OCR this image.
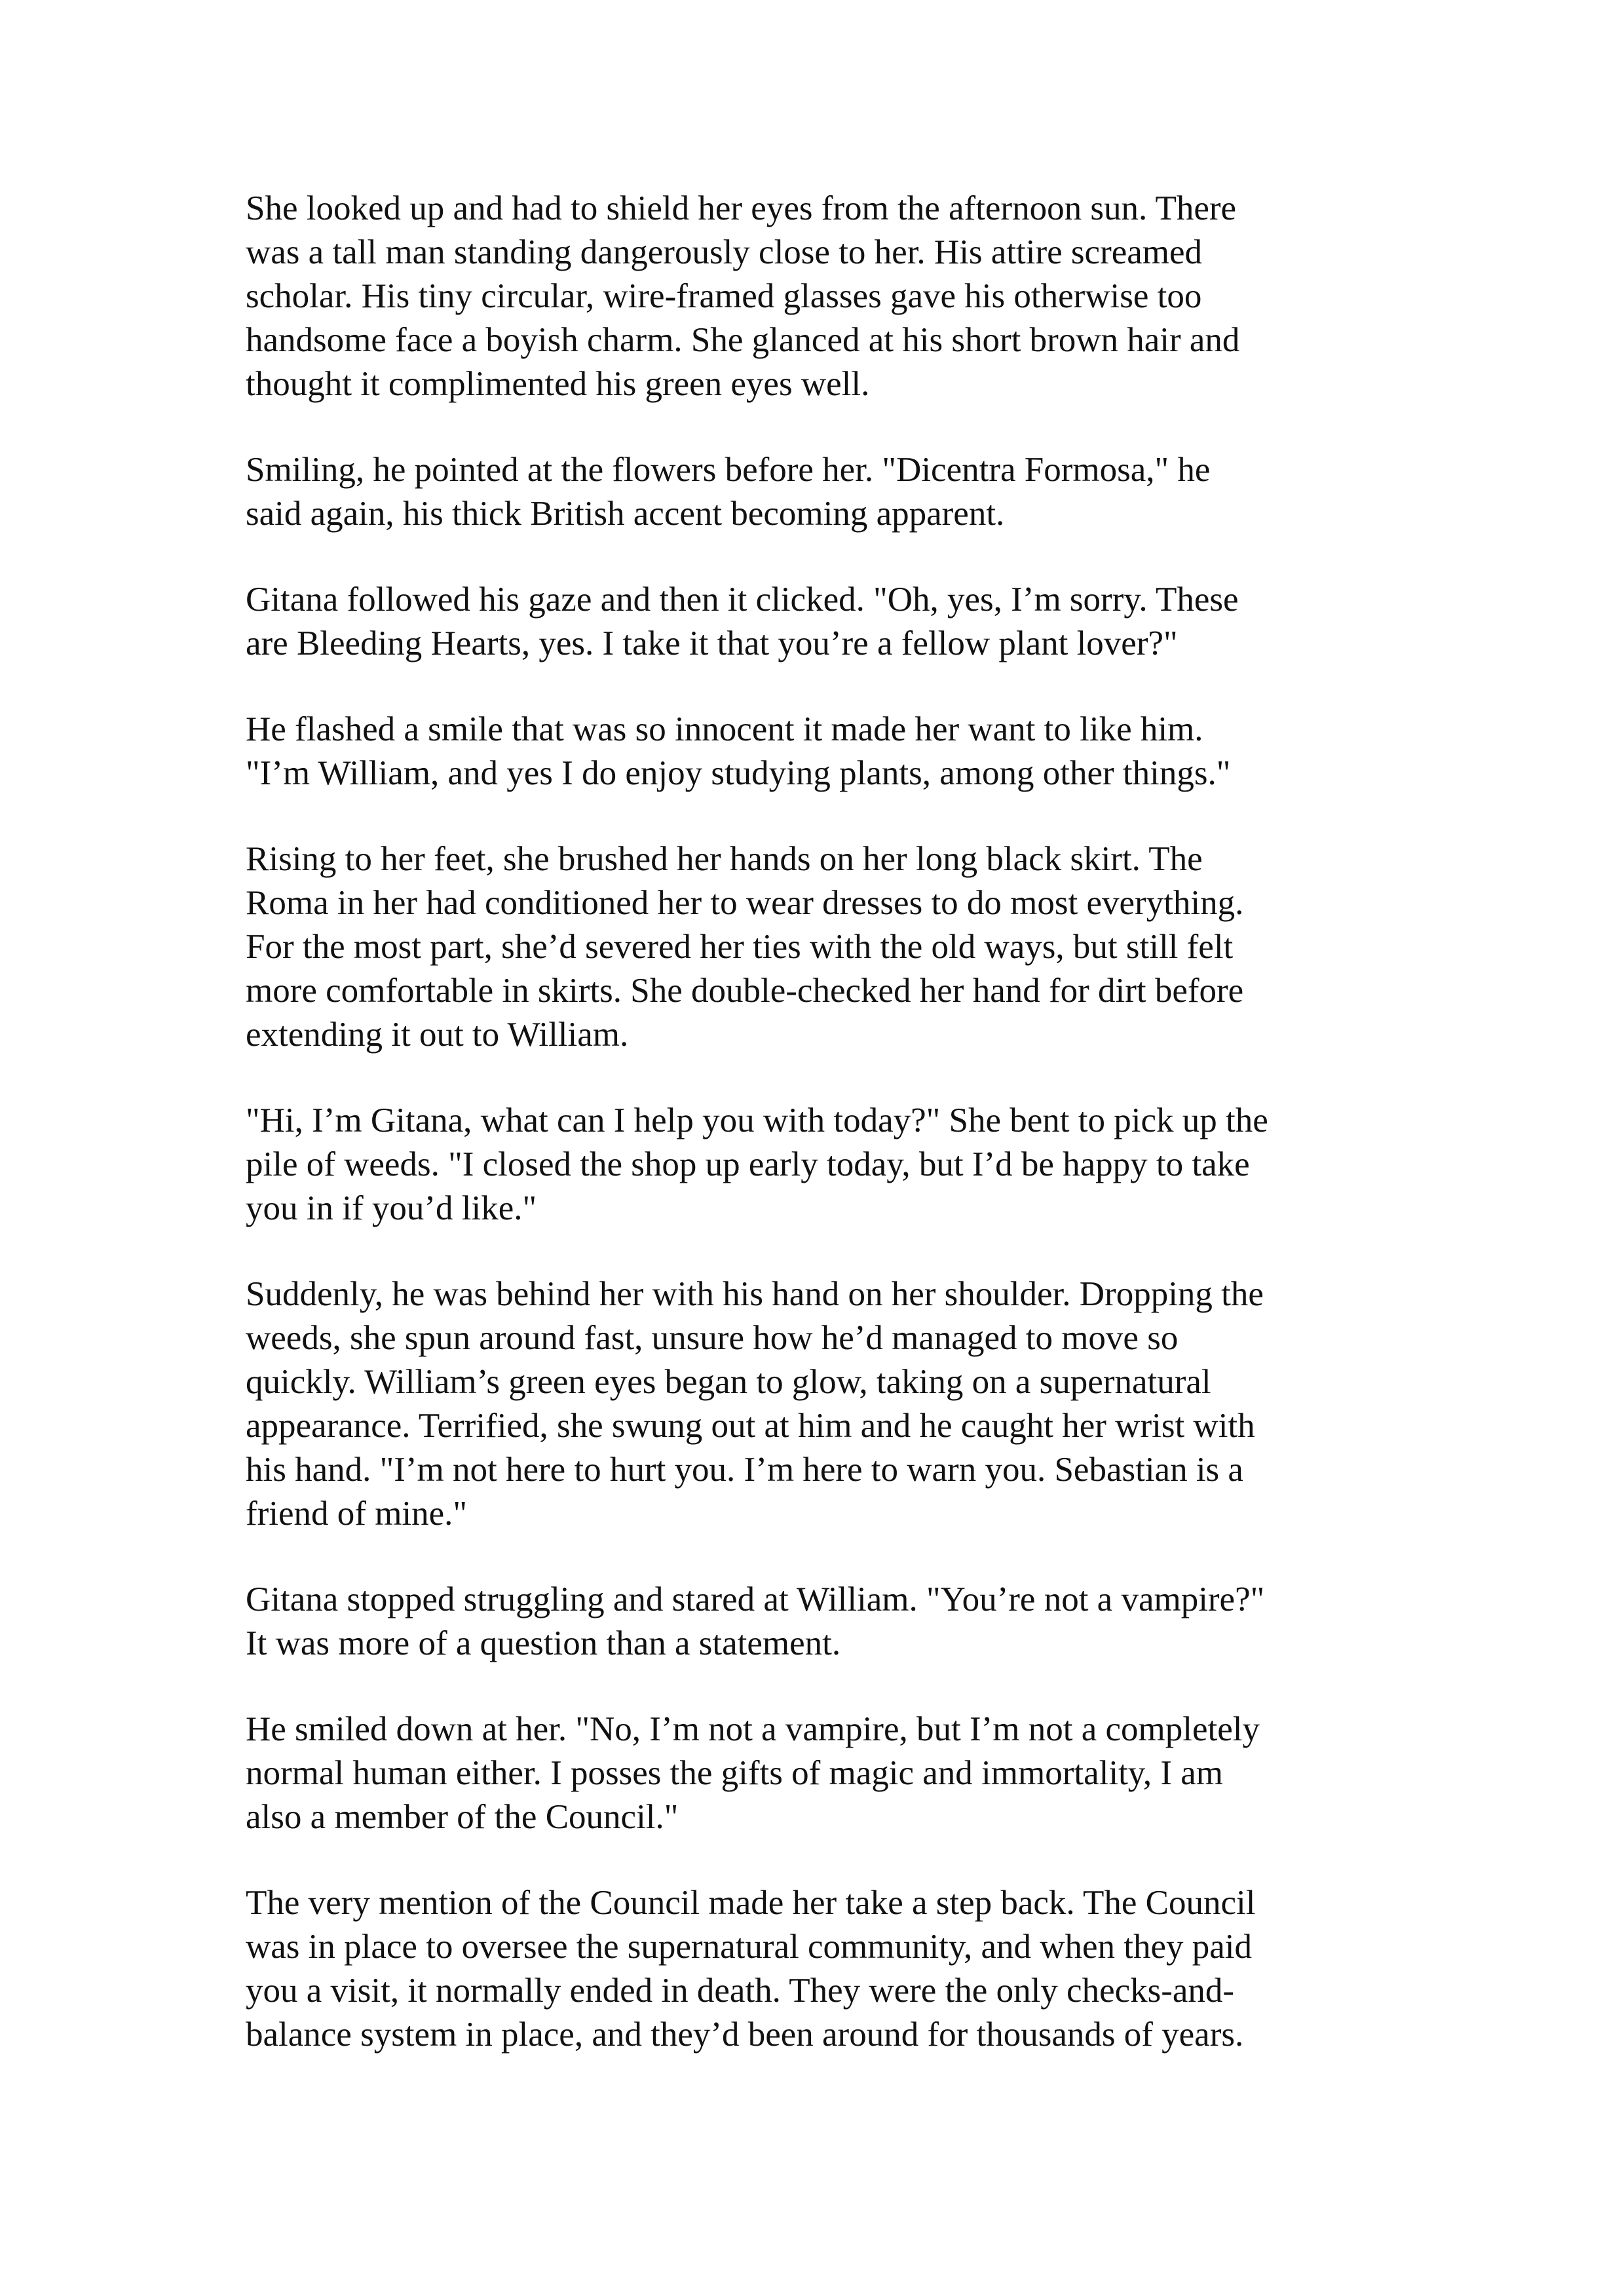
She looked up and had to shield her eyes from the afternoon sun. There
was a tall man standing dangerously close to her. His attire screamed
scholar. His tiny circular, wire-framed glasses gave his otherwise too
handsome face a boyish charm. She glanced at his short brown hair and
thought it complimented his green eyes well.

Smiling, he pointed at the flowers before her. "Dicentra Formosa," he
said again, his thick British accent becoming apparent.

Gitana followed his gaze and then it clicked. "Oh, yes, I’m sorry. These
are Bleeding Hearts, yes. I take it that you’re a fellow plant lover?"

He flashed a smile that was so innocent it made her want to like him.
"I’m William, and yes I do enjoy studying plants, among other things."

Rising to her feet, she brushed her hands on her long black skirt. The
Roma in her had conditioned her to wear dresses to do most everything.
For the most part, she’d severed her ties with the old ways, but still felt
more comfortable in skirts. She double-checked her hand for dirt before
extending it out to William.

"Hi, I’m Gitana, what can I help you with today?" She bent to pick up the
pile of weeds. "I closed the shop up early today, but I’d be happy to take
you in if you’d like."

Suddenly, he was behind her with his hand on her shoulder. Dropping the
weeds, she spun around fast, unsure how he’d managed to move so
quickly. William’s green eyes began to glow, taking on a supernatural
appearance. Terrified, she swung out at him and he caught her wrist with
his hand. "I’m not here to hurt you. I’m here to warn you. Sebastian is a
friend of mine."

Gitana stopped struggling and stared at William. "You’re not a vampire?"
It was more of a question than a statement.

He smiled down at her. "No, I’m not a vampire, but I’m not a completely
normal human either. I posses the gifts of magic and immortality, I am
also a member of the Council."

The very mention of the Council made her take a step back. The Council
was in place to oversee the supernatural community, and when they paid
you a visit, it normally ended in death. They were the only checks-and-
balance system in place, and they’d been around for thousands of years.
